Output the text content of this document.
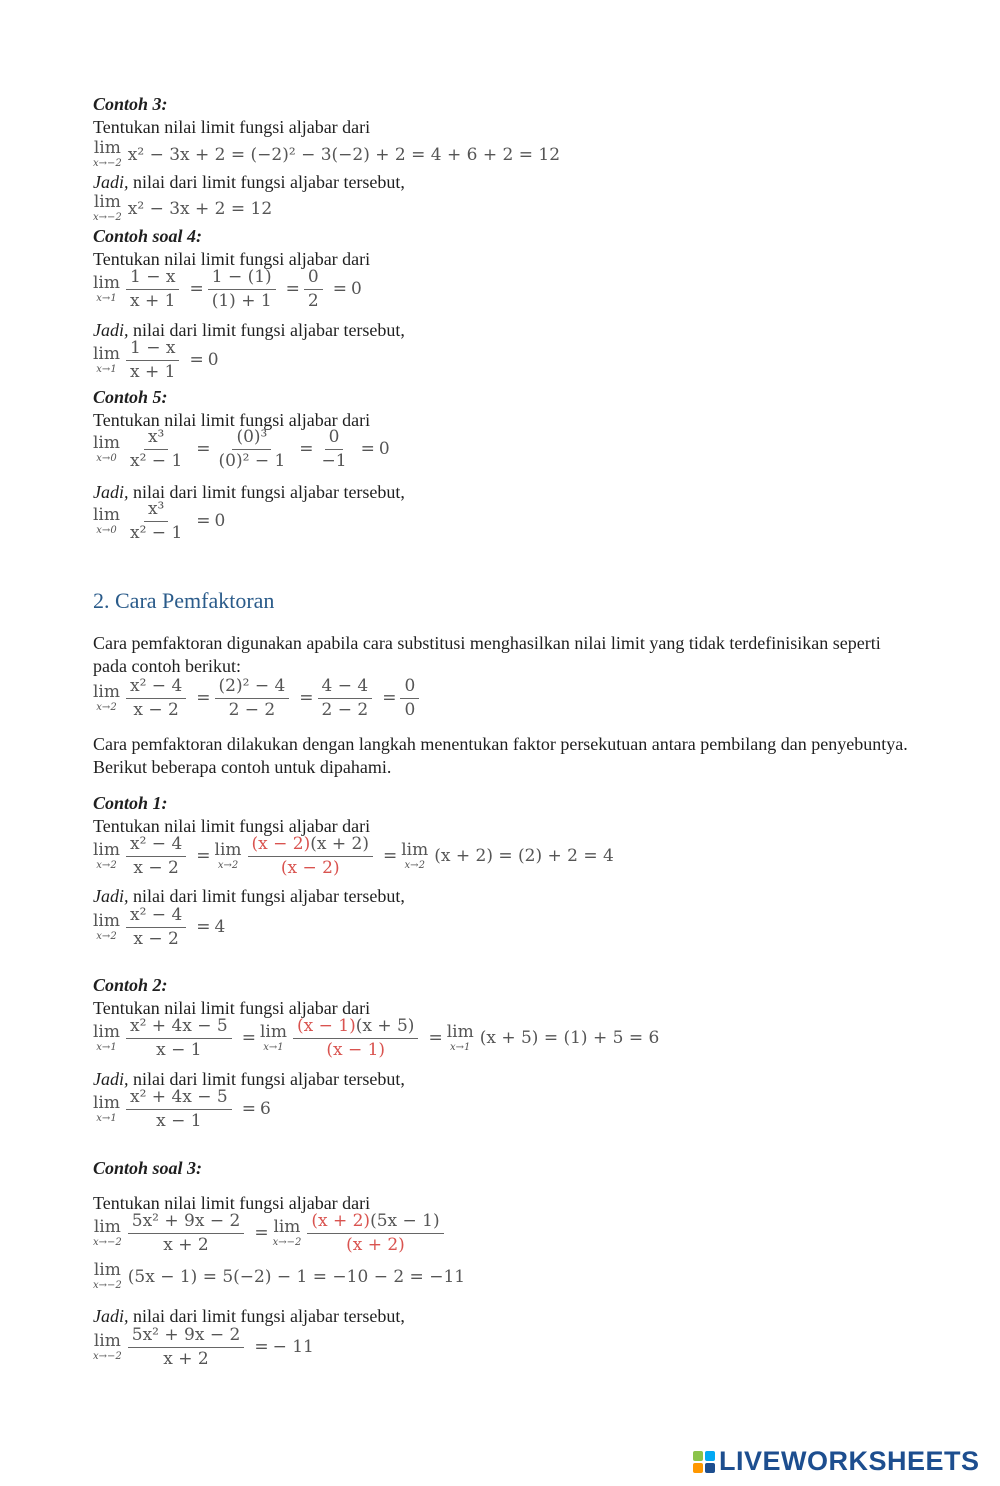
Contoh 3:
Tentukan nilai limit fungsi aljabar dari
lim
x→−2 x² − 3x + 2 = (−2)² − 3(−2) + 2 = 4 + 6 + 2 = 12
Jadi, nilai dari limit fungsi aljabar tersebut,
lim
x→−2 x² − 3x + 2 = 12
Contoh soal 4:
Tentukan nilai limit fungsi aljabar dari
lim
$x\to 1 \frac{1 - x}{x + 1} = \frac{1 - (1)}{(1) + 1} = \frac{0}{2} = 0$
Jadi, nilai dari limit fungsi aljabar tersebut,
lim
$x\to 1 \frac{1 - x}{x + 1} = 0$
Contoh 5:
Tentukan nilai limit fungsi aljabar dari
lim
$x\to 0 \frac{\text{x³}}{\text{x² − 1}} = \frac{\text{(0)³}}{\text{(0)² − 1}} = \frac{0}{-1} = 0$
Jadi, nilai dari limit fungsi aljabar tersebut,
lim
$x\to 0 \frac{\text{x³}}{\text{x² − 1}} = 0$
2. Cara Pemfaktoran
Cara pemfaktoran digunakan apabila cara substitusi menghasilkan nilai limit yang tidak terdefinisikan seperti pada contoh berikut:
lim
$x\to 2 \frac{\text{x² − 4}}{x - 2} = \frac{\text{(2)² − 4}}{2 - 2} = \frac{4 - 4}{2 - 2} = \frac{0}{0}$
Cara pemfaktoran dilakukan dengan langkah menentukan faktor persekutuan antara pembilang dan penyebuntya. Berikut beberapa contoh untuk dipahami.
Contoh 1:
Tentukan nilai limit fungsi aljabar dari
lim
$x\to 2 \frac{\text{x² − 4}}{x - 2} = \lim$
$x\to 2 \frac{(x - 2)(x + 2)}{(x - 2)} = \lim$
x→2 (x + 2) = (2) + 2 = 4
Jadi, nilai dari limit fungsi aljabar tersebut,
lim
$x\to 2 \frac{\text{x² − 4}}{x - 2} = 4$
Contoh 2:
Tentukan nilai limit fungsi aljabar dari
lim
$x\to 1 \frac{\text{x² + 4x − 5}}{x - 1} = \lim$
$x\to 1 \frac{(x - 1)(x + 5)}{(x - 1)} = \lim$
x→1 (x + 5) = (1) + 5 = 6
Jadi, nilai dari limit fungsi aljabar tersebut,
lim
$x\to 1 \frac{\text{x² + 4x − 5}}{x - 1} = 6$
Contoh soal 3:
Tentukan nilai limit fungsi aljabar dari
lim
$x\to-2 \frac{\text{5x² + 9x − 2}}{x + 2} = \lim$
x→−2
(x + 2)(5x − 1)
(x + 2)
lim
x→−2 (5x − 1) = 5(−2) − 1 = −10 − 2 = −11
Jadi, nilai dari limit fungsi aljabar tersebut,
lim
$x\to-2 \frac{\text{5x² + 9x − 2}}{x + 2}$ = − 11
LIVEWORKSHEETS
